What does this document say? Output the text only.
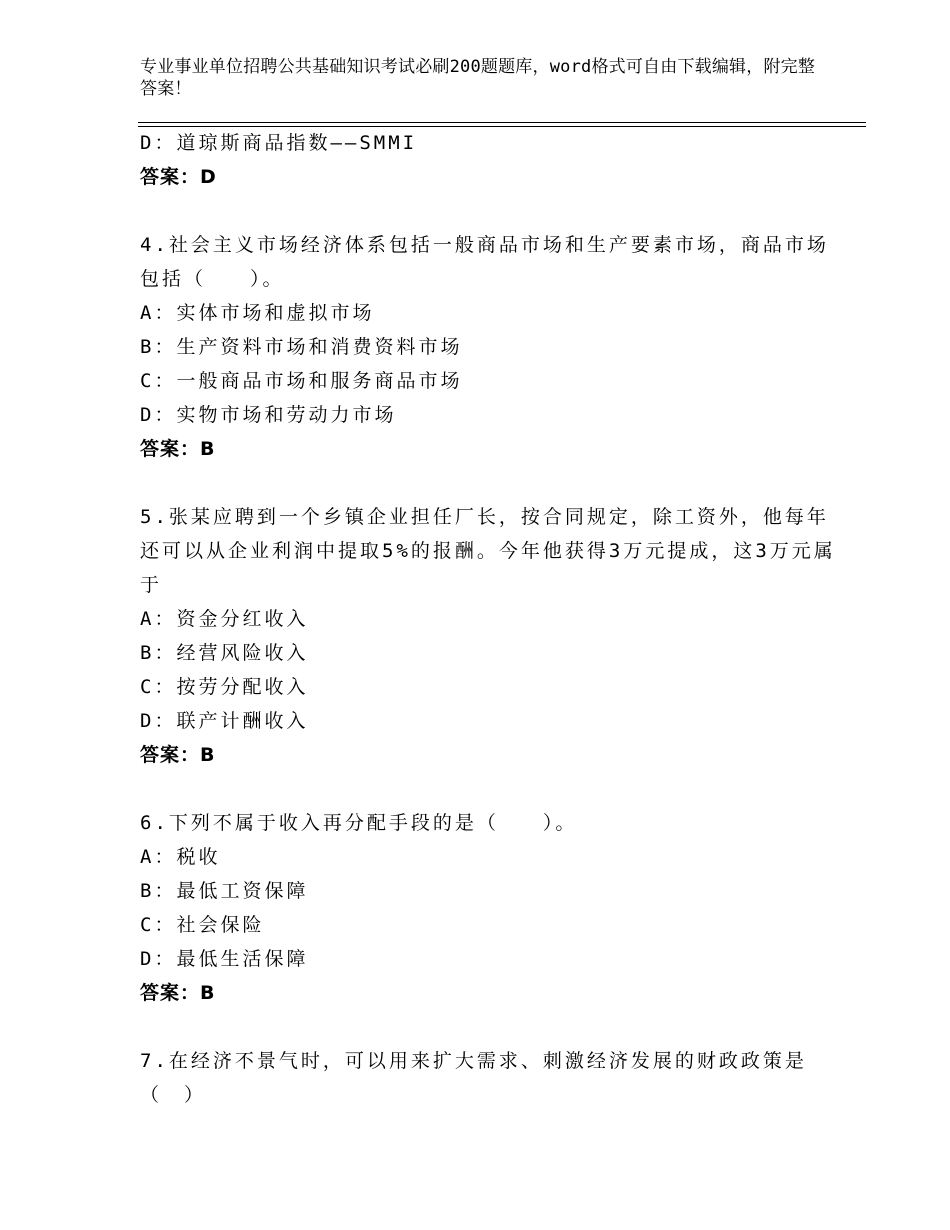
专业事业单位招聘公共基础知识考试必刷200题题库，word格式可自由下载编辑，附完整答案！
D：道琼斯商品指数——SMMI
答案：D
4.社会主义市场经济体系包括一般商品市场和生产要素市场，商品市场包括（　　）。
A：实体市场和虚拟市场
B：生产资料市场和消费资料市场
C：一般商品市场和服务商品市场
D：实物市场和劳动力市场
答案：B
5.张某应聘到一个乡镇企业担任厂长，按合同规定，除工资外，他每年还可以从企业利润中提取5%的报酬。今年他获得3万元提成，这3万元属于
A：资金分红收入
B：经营风险收入
C：按劳分配收入
D：联产计酬收入
答案：B
6.下列不属于收入再分配手段的是（　　）。
A：税收
B：最低工资保障
C：社会保险
D：最低生活保障
答案：B
7.在经济不景气时，可以用来扩大需求、刺激经济发展的财政政策是（　）
